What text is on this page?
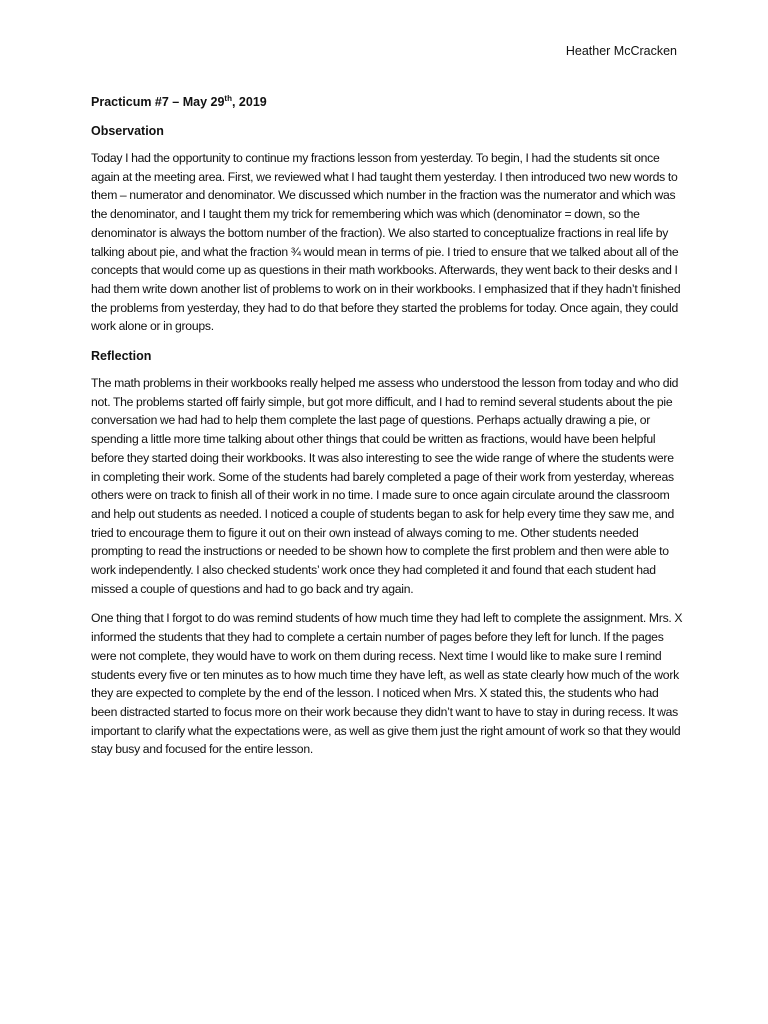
Heather McCracken
Practicum #7 – May 29th, 2019
Observation

Today I had the opportunity to continue my fractions lesson from yesterday. To begin, I had the students sit once again at the meeting area. First, we reviewed what I had taught them yesterday. I then introduced two new words to them – numerator and denominator. We discussed which number in the fraction was the numerator and which was the denominator, and I taught them my trick for remembering which was which (denominator = down, so the denominator is always the bottom number of the fraction). We also started to conceptualize fractions in real life by talking about pie, and what the fraction ¾ would mean in terms of pie. I tried to ensure that we talked about all of the concepts that would come up as questions in their math workbooks. Afterwards, they went back to their desks and I had them write down another list of problems to work on in their workbooks. I emphasized that if they hadn’t finished the problems from yesterday, they had to do that before they started the problems for today. Once again, they could work alone or in groups.

Reflection

The math problems in their workbooks really helped me assess who understood the lesson from today and who did not. The problems started off fairly simple, but got more difficult, and I had to remind several students about the pie conversation we had had to help them complete the last page of questions. Perhaps actually drawing a pie, or spending a little more time talking about other things that could be written as fractions, would have been helpful before they started doing their workbooks. It was also interesting to see the wide range of where the students were in completing their work. Some of the students had barely completed a page of their work from yesterday, whereas others were on track to finish all of their work in no time. I made sure to once again circulate around the classroom and help out students as needed. I noticed a couple of students began to ask for help every time they saw me, and tried to encourage them to figure it out on their own instead of always coming to me. Other students needed prompting to read the instructions or needed to be shown how to complete the first problem and then were able to work independently. I also checked students’ work once they had completed it and found that each student had missed a couple of questions and had to go back and try again.

One thing that I forgot to do was remind students of how much time they had left to complete the assignment. Mrs. X informed the students that they had to complete a certain number of pages before they left for lunch. If the pages were not complete, they would have to work on them during recess. Next time I would like to make sure I remind students every five or ten minutes as to how much time they have left, as well as state clearly how much of the work they are expected to complete by the end of the lesson. I noticed when Mrs. X stated this, the students who had been distracted started to focus more on their work because they didn’t want to have to stay in during recess. It was important to clarify what the expectations were, as well as give them just the right amount of work so that they would stay busy and focused for the entire lesson.
